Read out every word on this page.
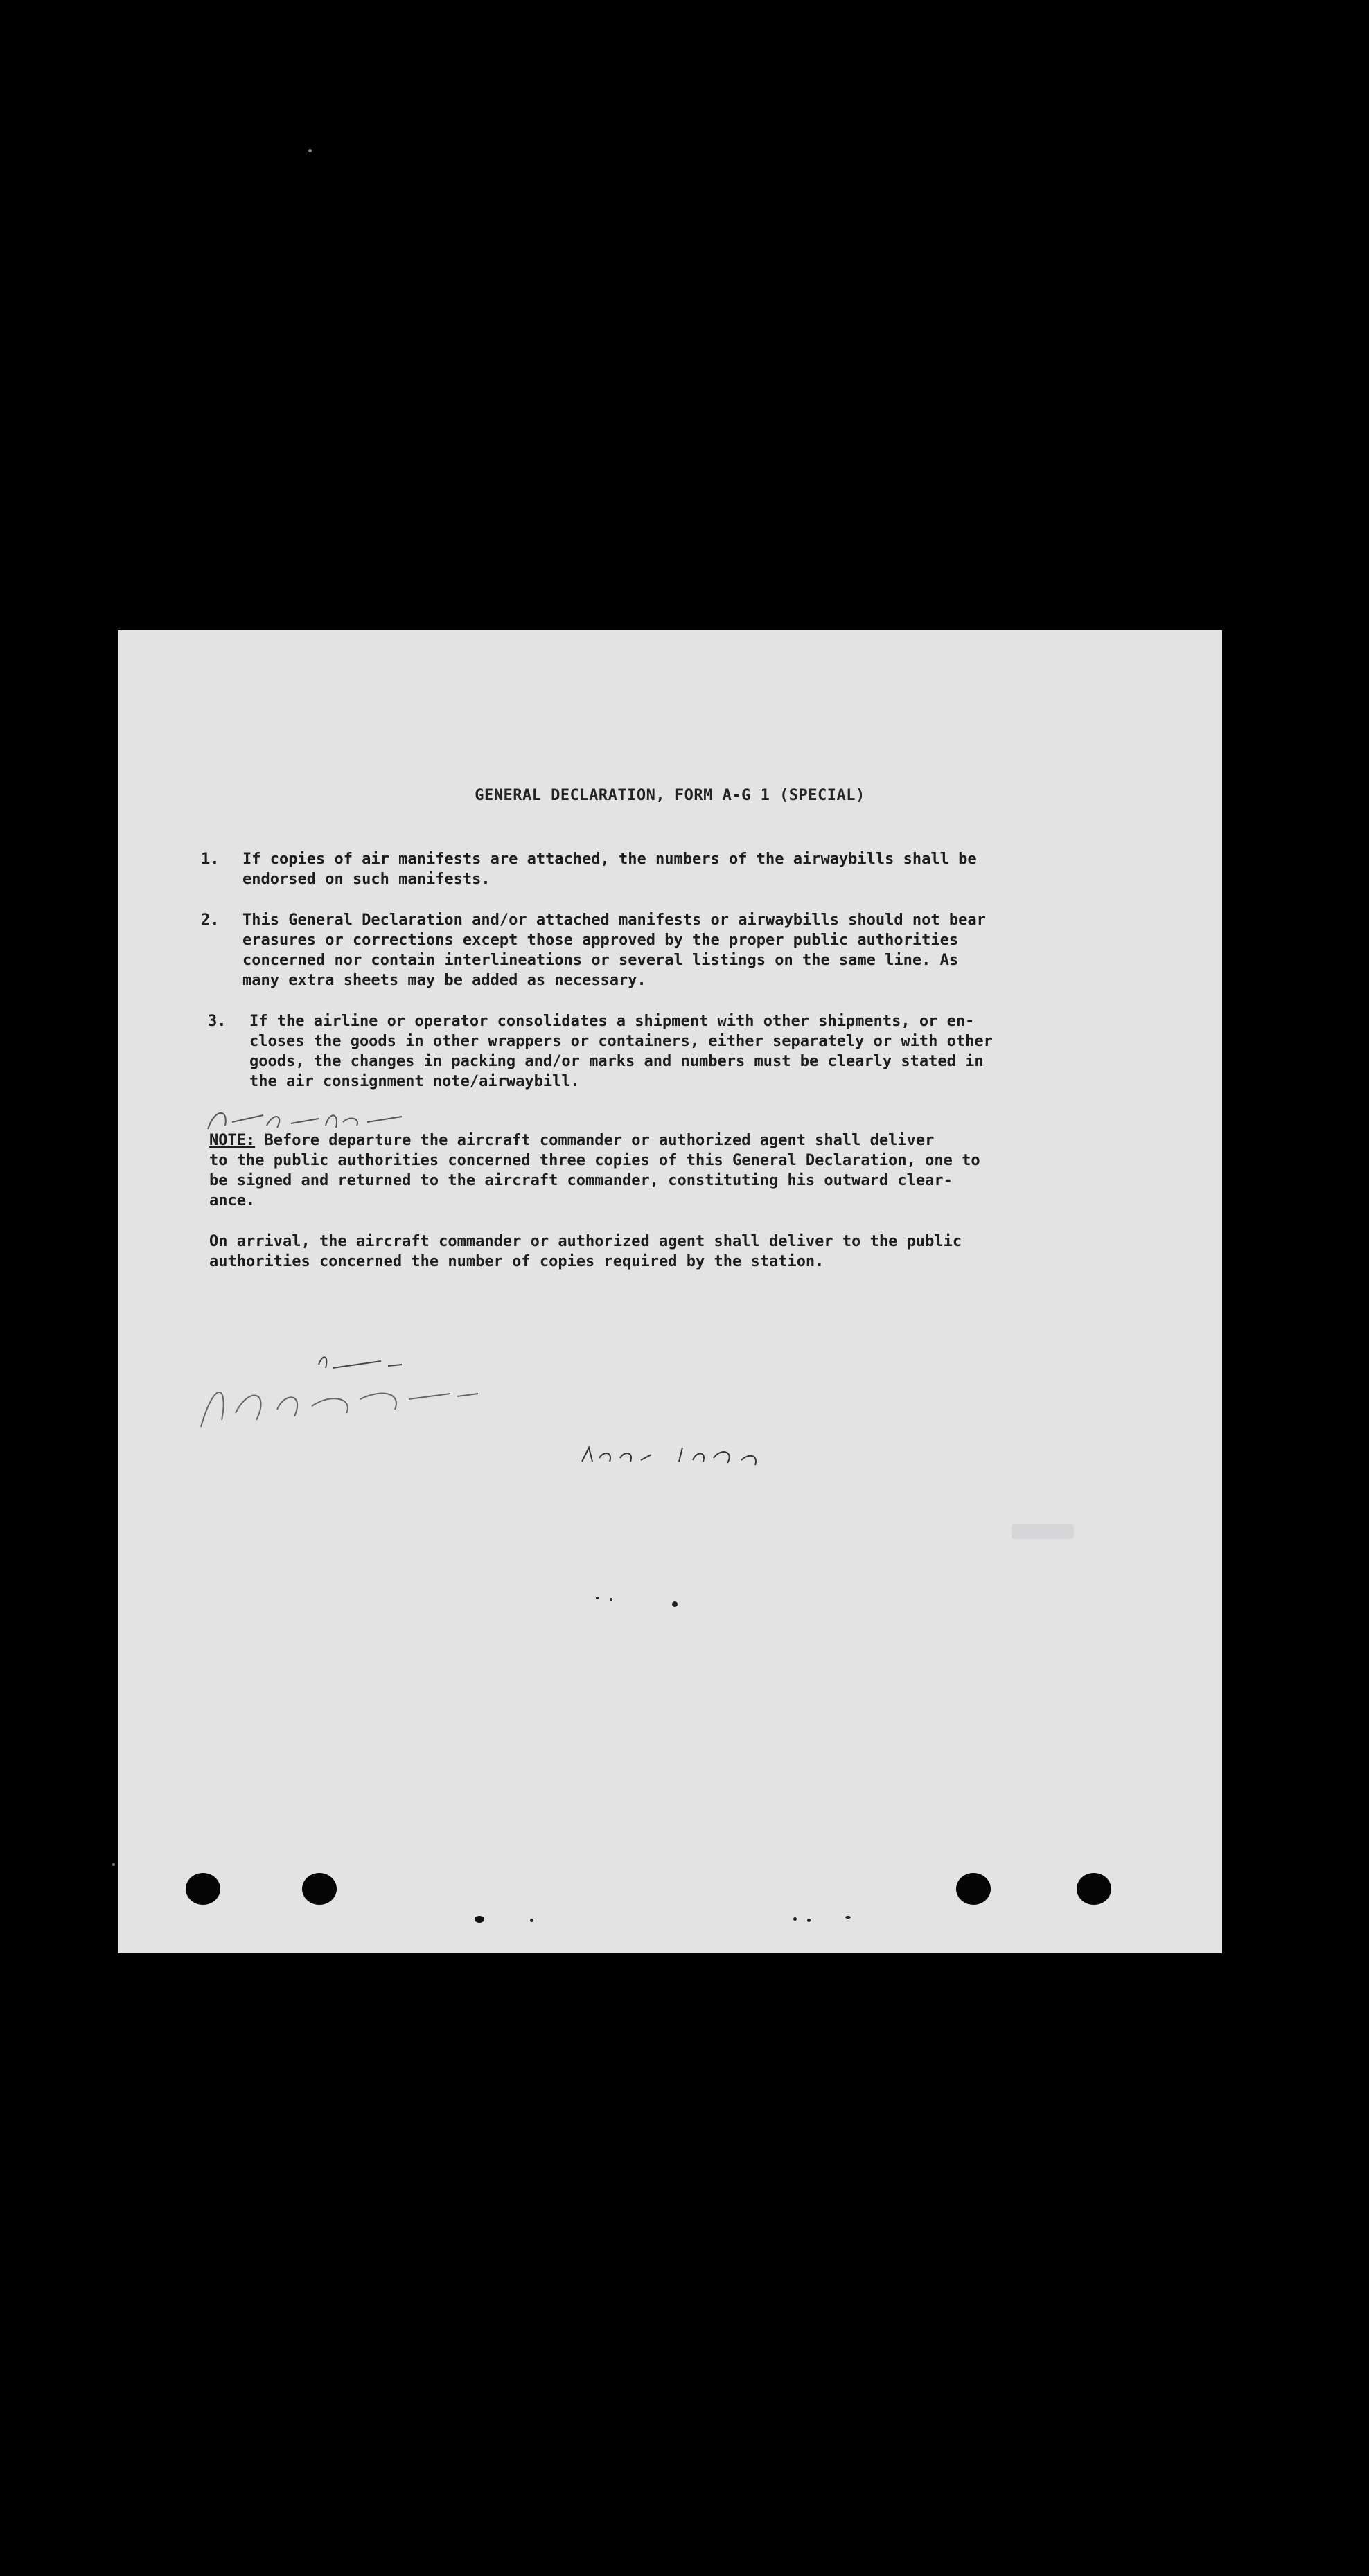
GENERAL DECLARATION, FORM A-G 1 (SPECIAL)
1.	If copies of air manifests are attached, the numbers of the airwaybills shall be
endorsed on such manifests.
2.	This General Declaration and/or attached manifests or airwaybills should not bear
erasures or corrections except those approved by the proper public authorities
concerned nor contain interlineations or several listings on the same line. As
many extra sheets may be added as necessary.
3.	If the airline or operator consolidates a shipment with other shipments, or en-
closes the goods in other wrappers or containers, either separately or with other
goods, the changes in packing and/or marks and numbers must be clearly stated in
the air consignment note/airwaybill.
NOTE: Before departure the aircraft commander or authorized agent shall deliver
to the public authorities concerned three copies of this General Declaration, one to
be signed and returned to the aircraft commander, constituting his outward clear-
ance.
On arrival, the aircraft commander or authorized agent shall deliver to the public
authorities concerned the number of copies required by the station.
